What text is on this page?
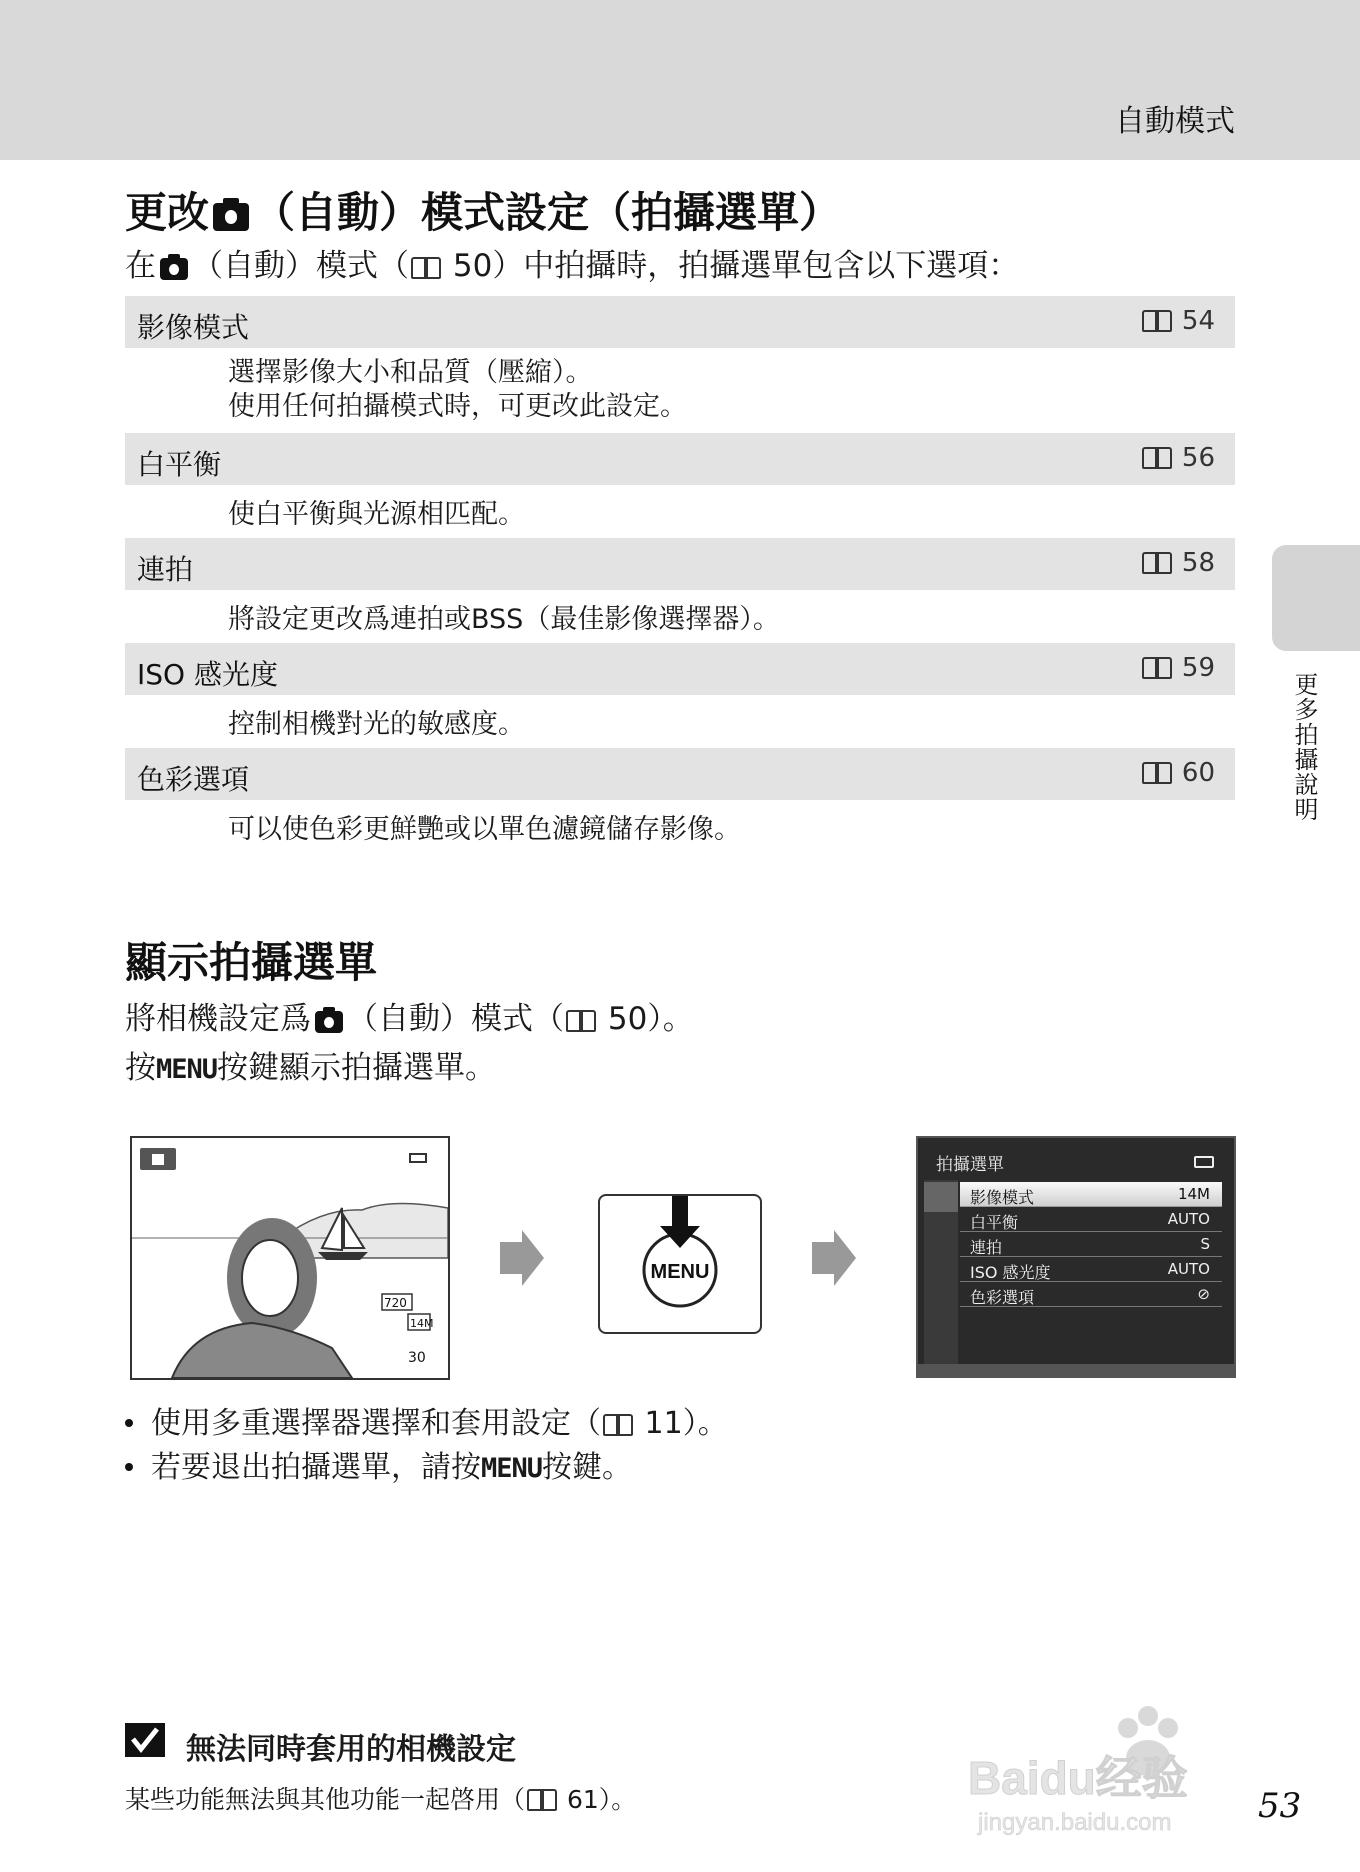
自動模式
更多拍攝說明
更改 （自動）模式設定（拍攝選單）
在 （自動）模式（ 50）中拍攝時，拍攝選單包含以下選項：
影像模式	54
選擇影像大小和品質（壓縮）。
使用任何拍攝模式時，可更改此設定。
白平衡	56
使白平衡與光源相匹配。
連拍	58
將設定更改爲連拍或BSS（最佳影像選擇器）。
ISO 感光度	59
控制相機對光的敏感度。
色彩選項	60
可以使色彩更鮮艷或以單色濾鏡儲存影像。
顯示拍攝選單
將相機設定爲 （自動）模式（ 50）。
按MENU按鍵顯示拍攝選單。
720
14M
30
MENU
拍攝選單
影像模式	14M
白平衡	AUTO
連拍	S
ISO 感光度	AUTO
色彩選項	⊘
使用多重選擇器選擇和套用設定（ 11）。
若要退出拍攝選單，請按MENU按鍵。
無法同時套用的相機設定
某些功能無法與其他功能一起啓用（ 61）。	Baidu经验
jingyan.baidu.com	53
